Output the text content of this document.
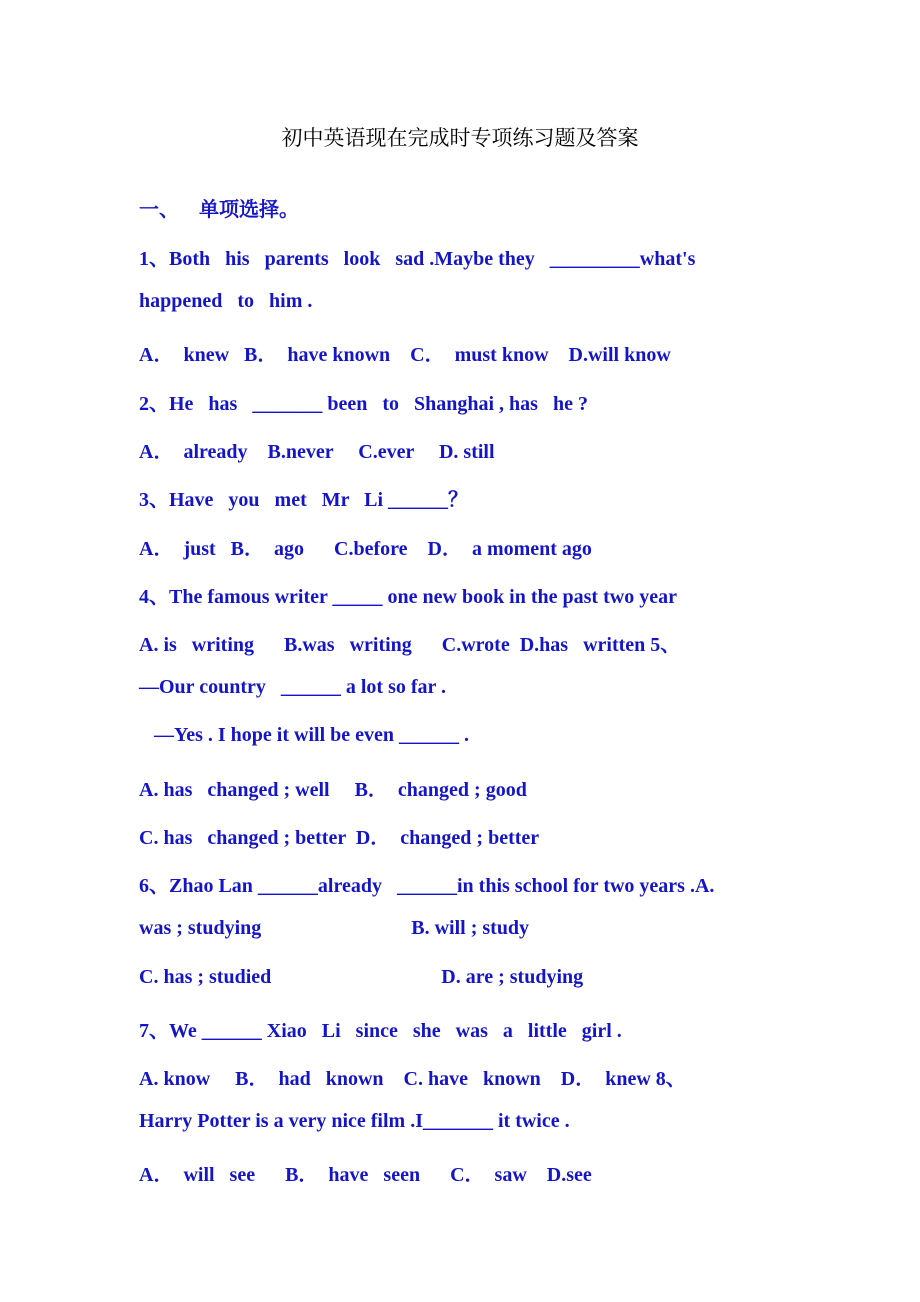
初中英语现在完成时专项练习题及答案
一、    单项选择。
1、Both   his   parents   look   sad .Maybe they   _________what's
happened   to   him .
A．  knew   B．  have known    C．  must know    D.will know
2、He   has   _______ been   to   Shanghai , has   he ?
A．  already    B.never     C.ever     D. still
3、Have   you   met   Mr   Li ______？
A．  just   B．  ago      C.before    D．  a moment ago
4、The famous writer _____ one new book in the past two year
A. is   writing      B.was   writing      C.wrote  D.has   written 5、
—Our country   ______ a lot so far .
—Yes . I hope it will be even ______ .
A. has   changed ; well     B．  changed ; good
C. has   changed ; better  D．  changed ; better
6、Zhao Lan ______already   ______in this school for two years .A.
was ; studying                              B. will ; study
C. has ; studied                                  D. are ; studying
7、We ______ Xiao   Li   since   she   was   a   little   girl .
A. know     B．  had   known    C. have   known    D．  knew 8、
Harry Potter is a very nice film .I_______ it twice .
A．  will   see      B．  have   seen      C．  saw    D.see
